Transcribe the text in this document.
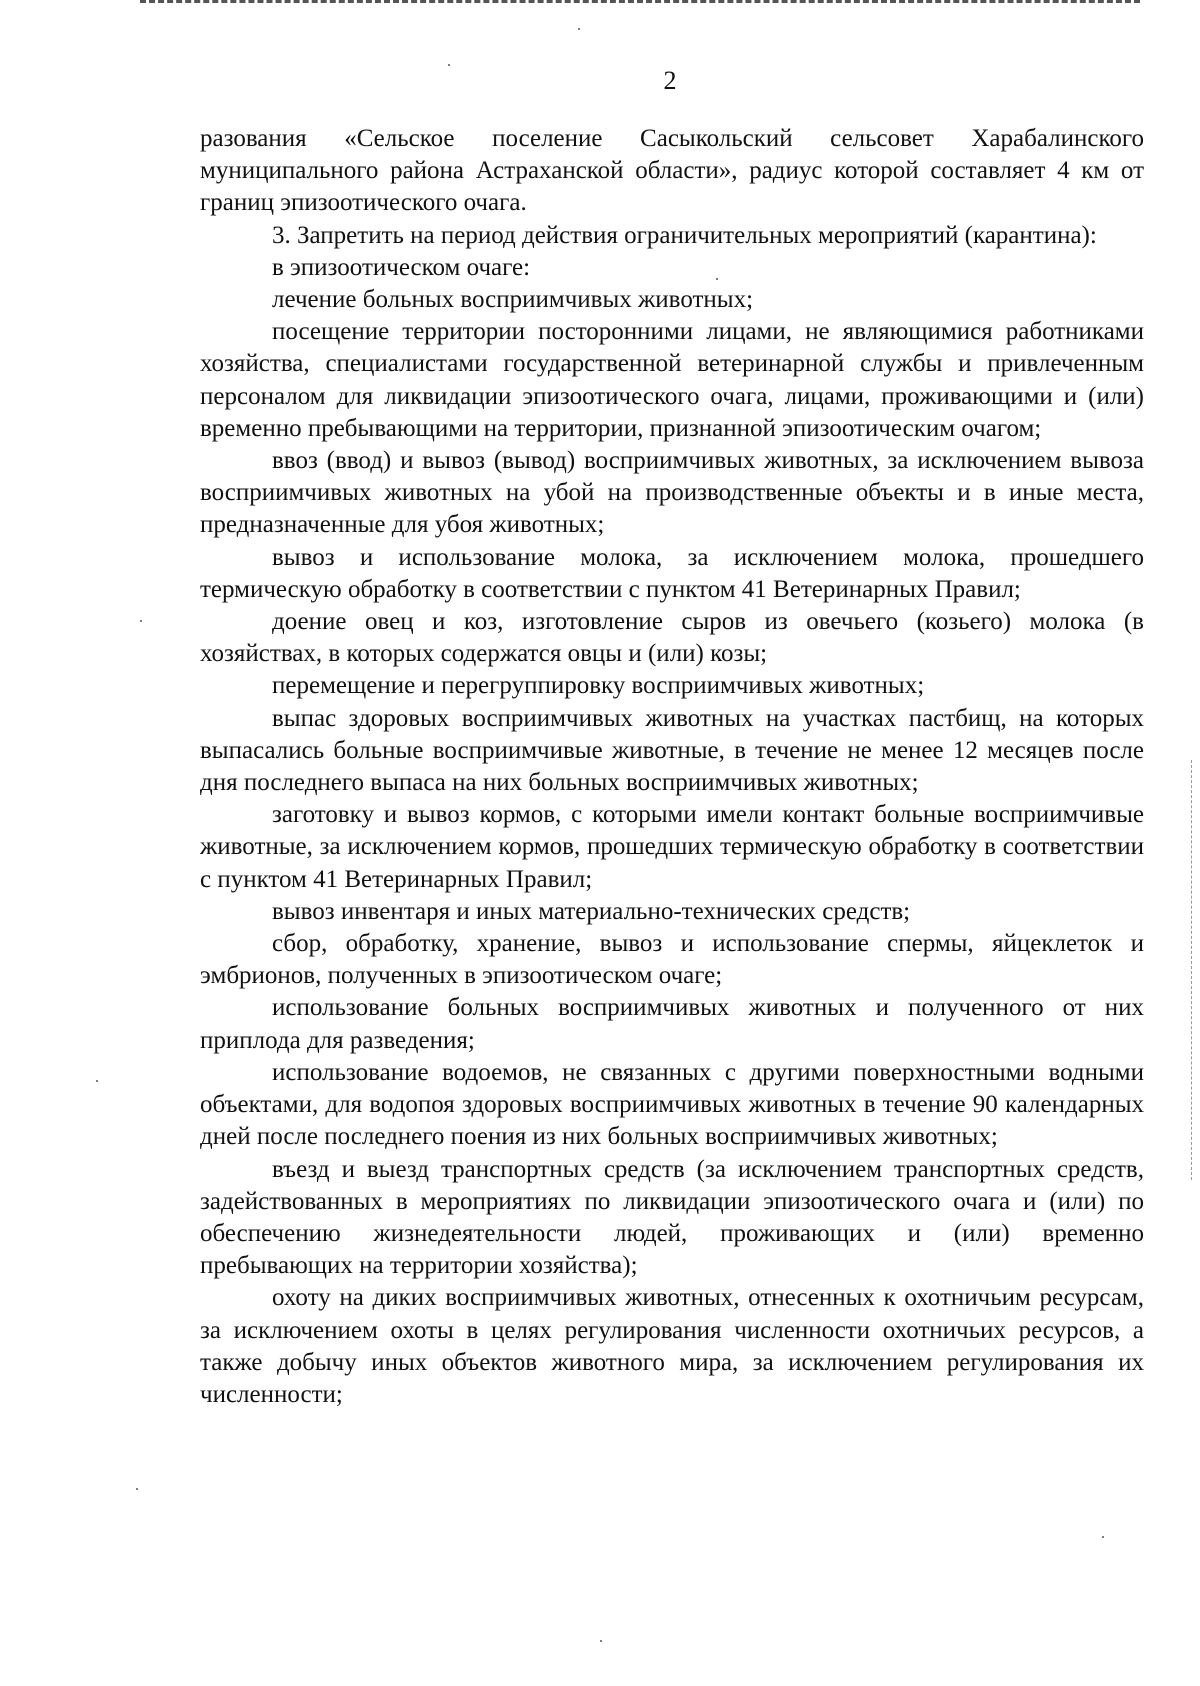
2

разования «Сельское поселение Сасыкольский сельсовет Харабалинского муниципального района Астраханской области», радиус которой составляет 4 км от границ эпизоотического очага.

3. Запретить на период действия ограничительных мероприятий (карантина):

в эпизоотическом очаге:

лечение больных восприимчивых животных;

посещение территории посторонними лицами, не являющимися работниками хозяйства, специалистами государственной ветеринарной службы и привлеченным персоналом для ликвидации эпизоотического очага, лицами, проживающими и (или) временно пребывающими на территории, признанной эпизоотическим очагом;

ввоз (ввод) и вывоз (вывод) восприимчивых животных, за исключением вывоза восприимчивых животных на убой на производственные объекты и в иные места, предназначенные для убоя животных;

вывоз и использование молока, за исключением молока, прошедшего термическую обработку в соответствии с пунктом 41 Ветеринарных Правил;

доение овец и коз, изготовление сыров из овечьего (козьего) молока (в хозяйствах, в которых содержатся овцы и (или) козы;

перемещение и перегруппировку восприимчивых животных;

выпас здоровых восприимчивых животных на участках пастбищ, на которых выпасались больные восприимчивые животные, в течение не менее 12 месяцев после дня последнего выпаса на них больных восприимчивых животных;

заготовку и вывоз кормов, с которыми имели контакт больные восприимчивые животные, за исключением кормов, прошедших термическую обработку в соответствии с пунктом 41 Ветеринарных Правил;

вывоз инвентаря и иных материально-технических средств;

сбор, обработку, хранение, вывоз и использование спермы, яйцеклеток и эмбрионов, полученных в эпизоотическом очаге;

использование больных восприимчивых животных и полученного от них приплода для разведения;

использование водоемов, не связанных с другими поверхностными водными объектами, для водопоя здоровых восприимчивых животных в течение 90 календарных дней после последнего поения из них больных восприимчивых животных;

въезд и выезд транспортных средств (за исключением транспортных средств, задействованных в мероприятиях по ликвидации эпизоотического очага и (или) по обеспечению жизнедеятельности людей, проживающих и (или) временно пребывающих на территории хозяйства);

охоту на диких восприимчивых животных, отнесенных к охотничьим ресурсам, за исключением охоты в целях регулирования численности охотничьих ресурсов, а также добычу иных объектов животного мира, за исключением регулирования их численности;
